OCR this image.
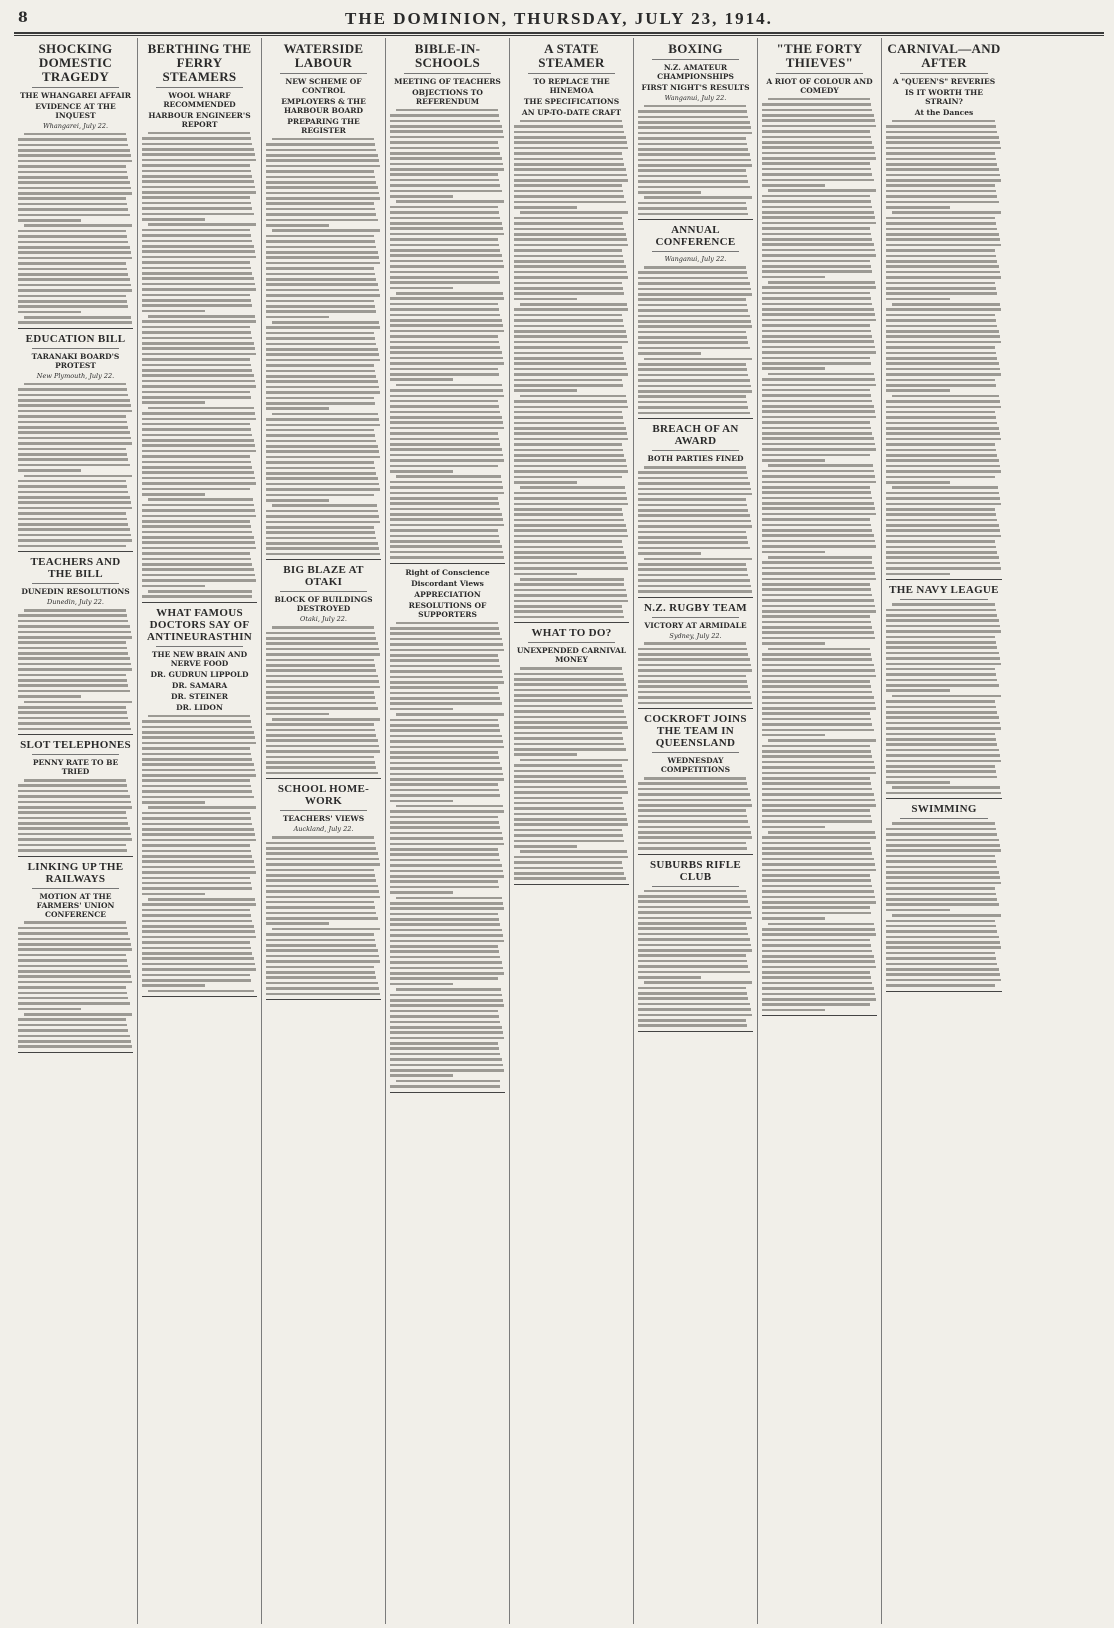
8	THE DOMINION, THURSDAY, JULY 23, 1914.
SHOCKING DOMESTIC TRAGEDY
THE WHANGAREI AFFAIR
EVIDENCE AT THE INQUEST
Whangarei, July 22.
EDUCATION BILL
TARANAKI BOARD'S PROTEST
New Plymouth, July 22.
TEACHERS AND THE BILL
DUNEDIN RESOLUTIONS
Dunedin, July 22.
SLOT TELEPHONES
PENNY RATE TO BE TRIED
LINKING UP THE RAILWAYS
MOTION AT THE FARMERS' UNION CONFERENCE
BERTHING THE FERRY STEAMERS
WOOL WHARF RECOMMENDED
HARBOUR ENGINEER'S REPORT
WHAT FAMOUS DOCTORS SAY OF ANTINEURASTHIN
THE NEW BRAIN AND NERVE FOOD
DR. GUDRUN LIPPOLD
DR. SAMARA
DR. STEINER
DR. LIDON
WATERSIDE LABOUR
NEW SCHEME OF CONTROL
EMPLOYERS & THE HARBOUR BOARD
PREPARING THE REGISTER
BIG BLAZE AT OTAKI
BLOCK OF BUILDINGS DESTROYED
Otaki, July 22.
SCHOOL HOME-WORK
TEACHERS' VIEWS
Auckland, July 22.
BIBLE-IN-SCHOOLS
MEETING OF TEACHERS
OBJECTIONS TO REFERENDUM
Right of Conscience
Discordant Views
APPRECIATION
RESOLUTIONS OF SUPPORTERS
A STATE STEAMER
TO REPLACE THE HINEMOA
THE SPECIFICATIONS
AN UP-TO-DATE CRAFT
WHAT TO DO?
UNEXPENDED CARNIVAL MONEY
BOXING
N.Z. AMATEUR CHAMPIONSHIPS
FIRST NIGHT'S RESULTS
Wanganui, July 22.
ANNUAL CONFERENCE
Wanganui, July 22.
BREACH OF AN AWARD
BOTH PARTIES FINED
N.Z. RUGBY TEAM
VICTORY AT ARMIDALE
Sydney, July 22.
COCKROFT JOINS THE TEAM IN QUEENSLAND
WEDNESDAY COMPETITIONS
SUBURBS RIFLE CLUB
"THE FORTY THIEVES"
A RIOT OF COLOUR AND COMEDY
CARNIVAL—AND AFTER
A "QUEEN'S" REVERIES
IS IT WORTH THE STRAIN?
At the Dances
THE NAVY LEAGUE
SWIMMING
